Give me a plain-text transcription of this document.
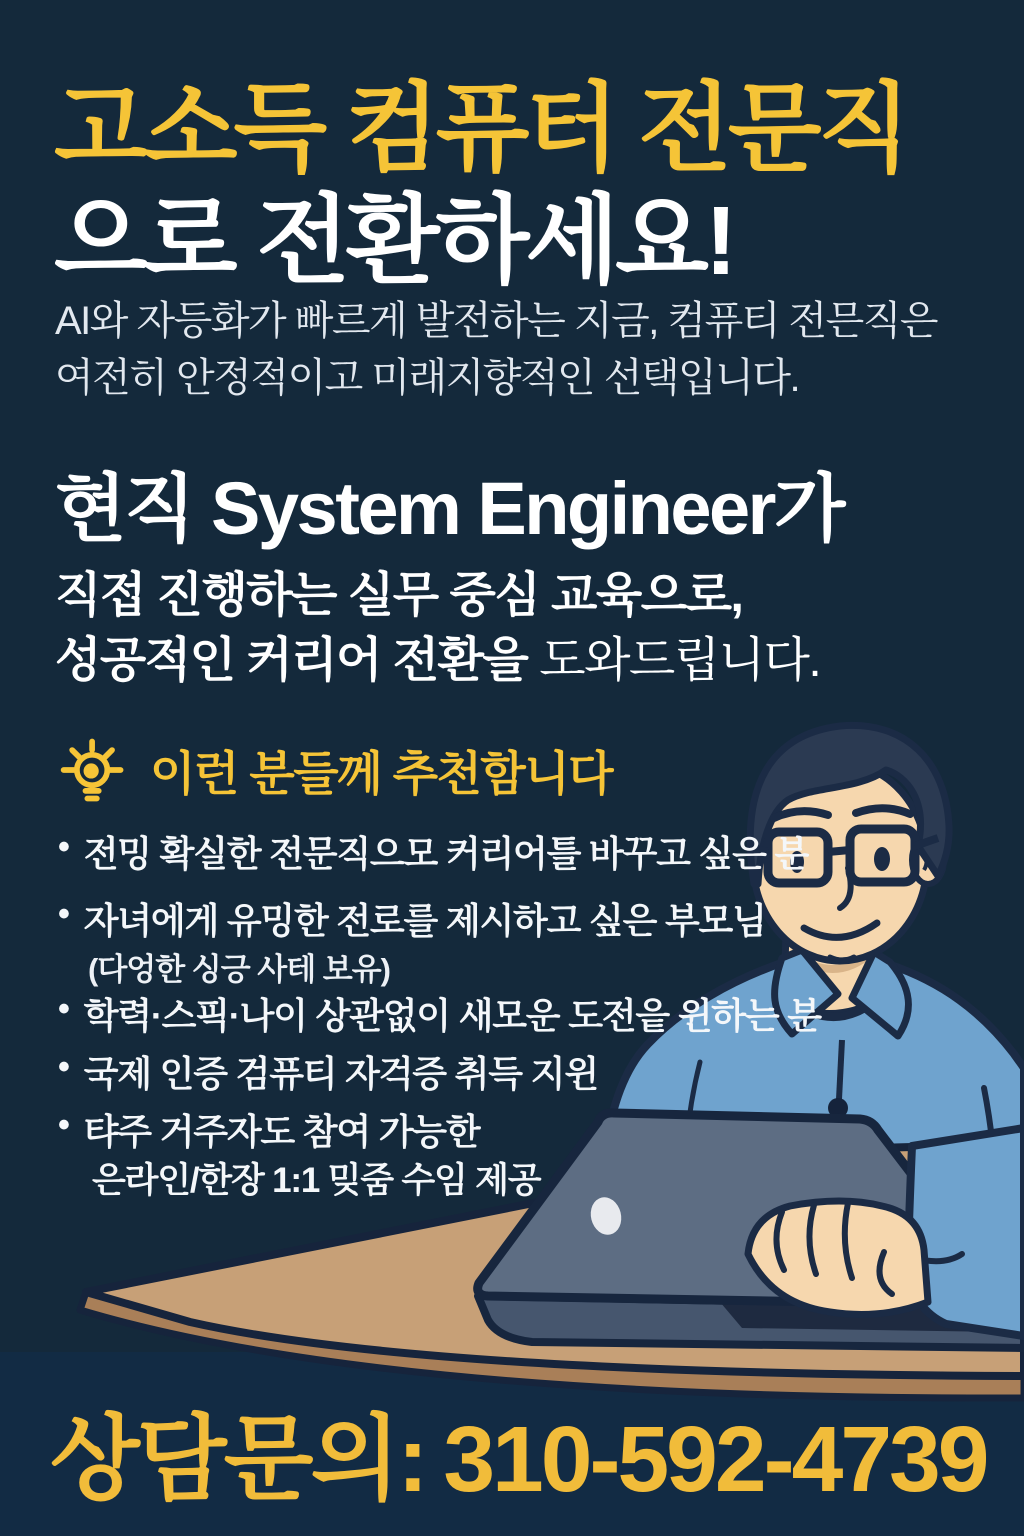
고소득 컴퓨터 전문직
으로 전환하세요!
AI와 자등화가 빠르게 발전하는 지금, 컴퓨티 전믄직은
여전히 안정적이고 미래지향적인 선택입니다.
현직 System Engineer가
직접 진행하는 실무 중심 교육으로,
성공적인 커리어 전환을 도와드립니다.
이런 분들께 추천함니다
• 전밍 확실한 전문직으모 커리어틀 바꾸고 싶은 분
• 자녀에게 유밍한 전로를 제시하고 싶은 부모님
(다엉한 싱긍 사테 보유)
• 학력·스픽·나이 상관없이 새모운 도전읕 윈하는 분
• 국제 인증 검퓨티 자걱증 취득 지윈
• 탸주 거주자도 참여 가능한
은라인/한장 1:1 밎줌 수임 제공
상담문의: 310-592-4739
